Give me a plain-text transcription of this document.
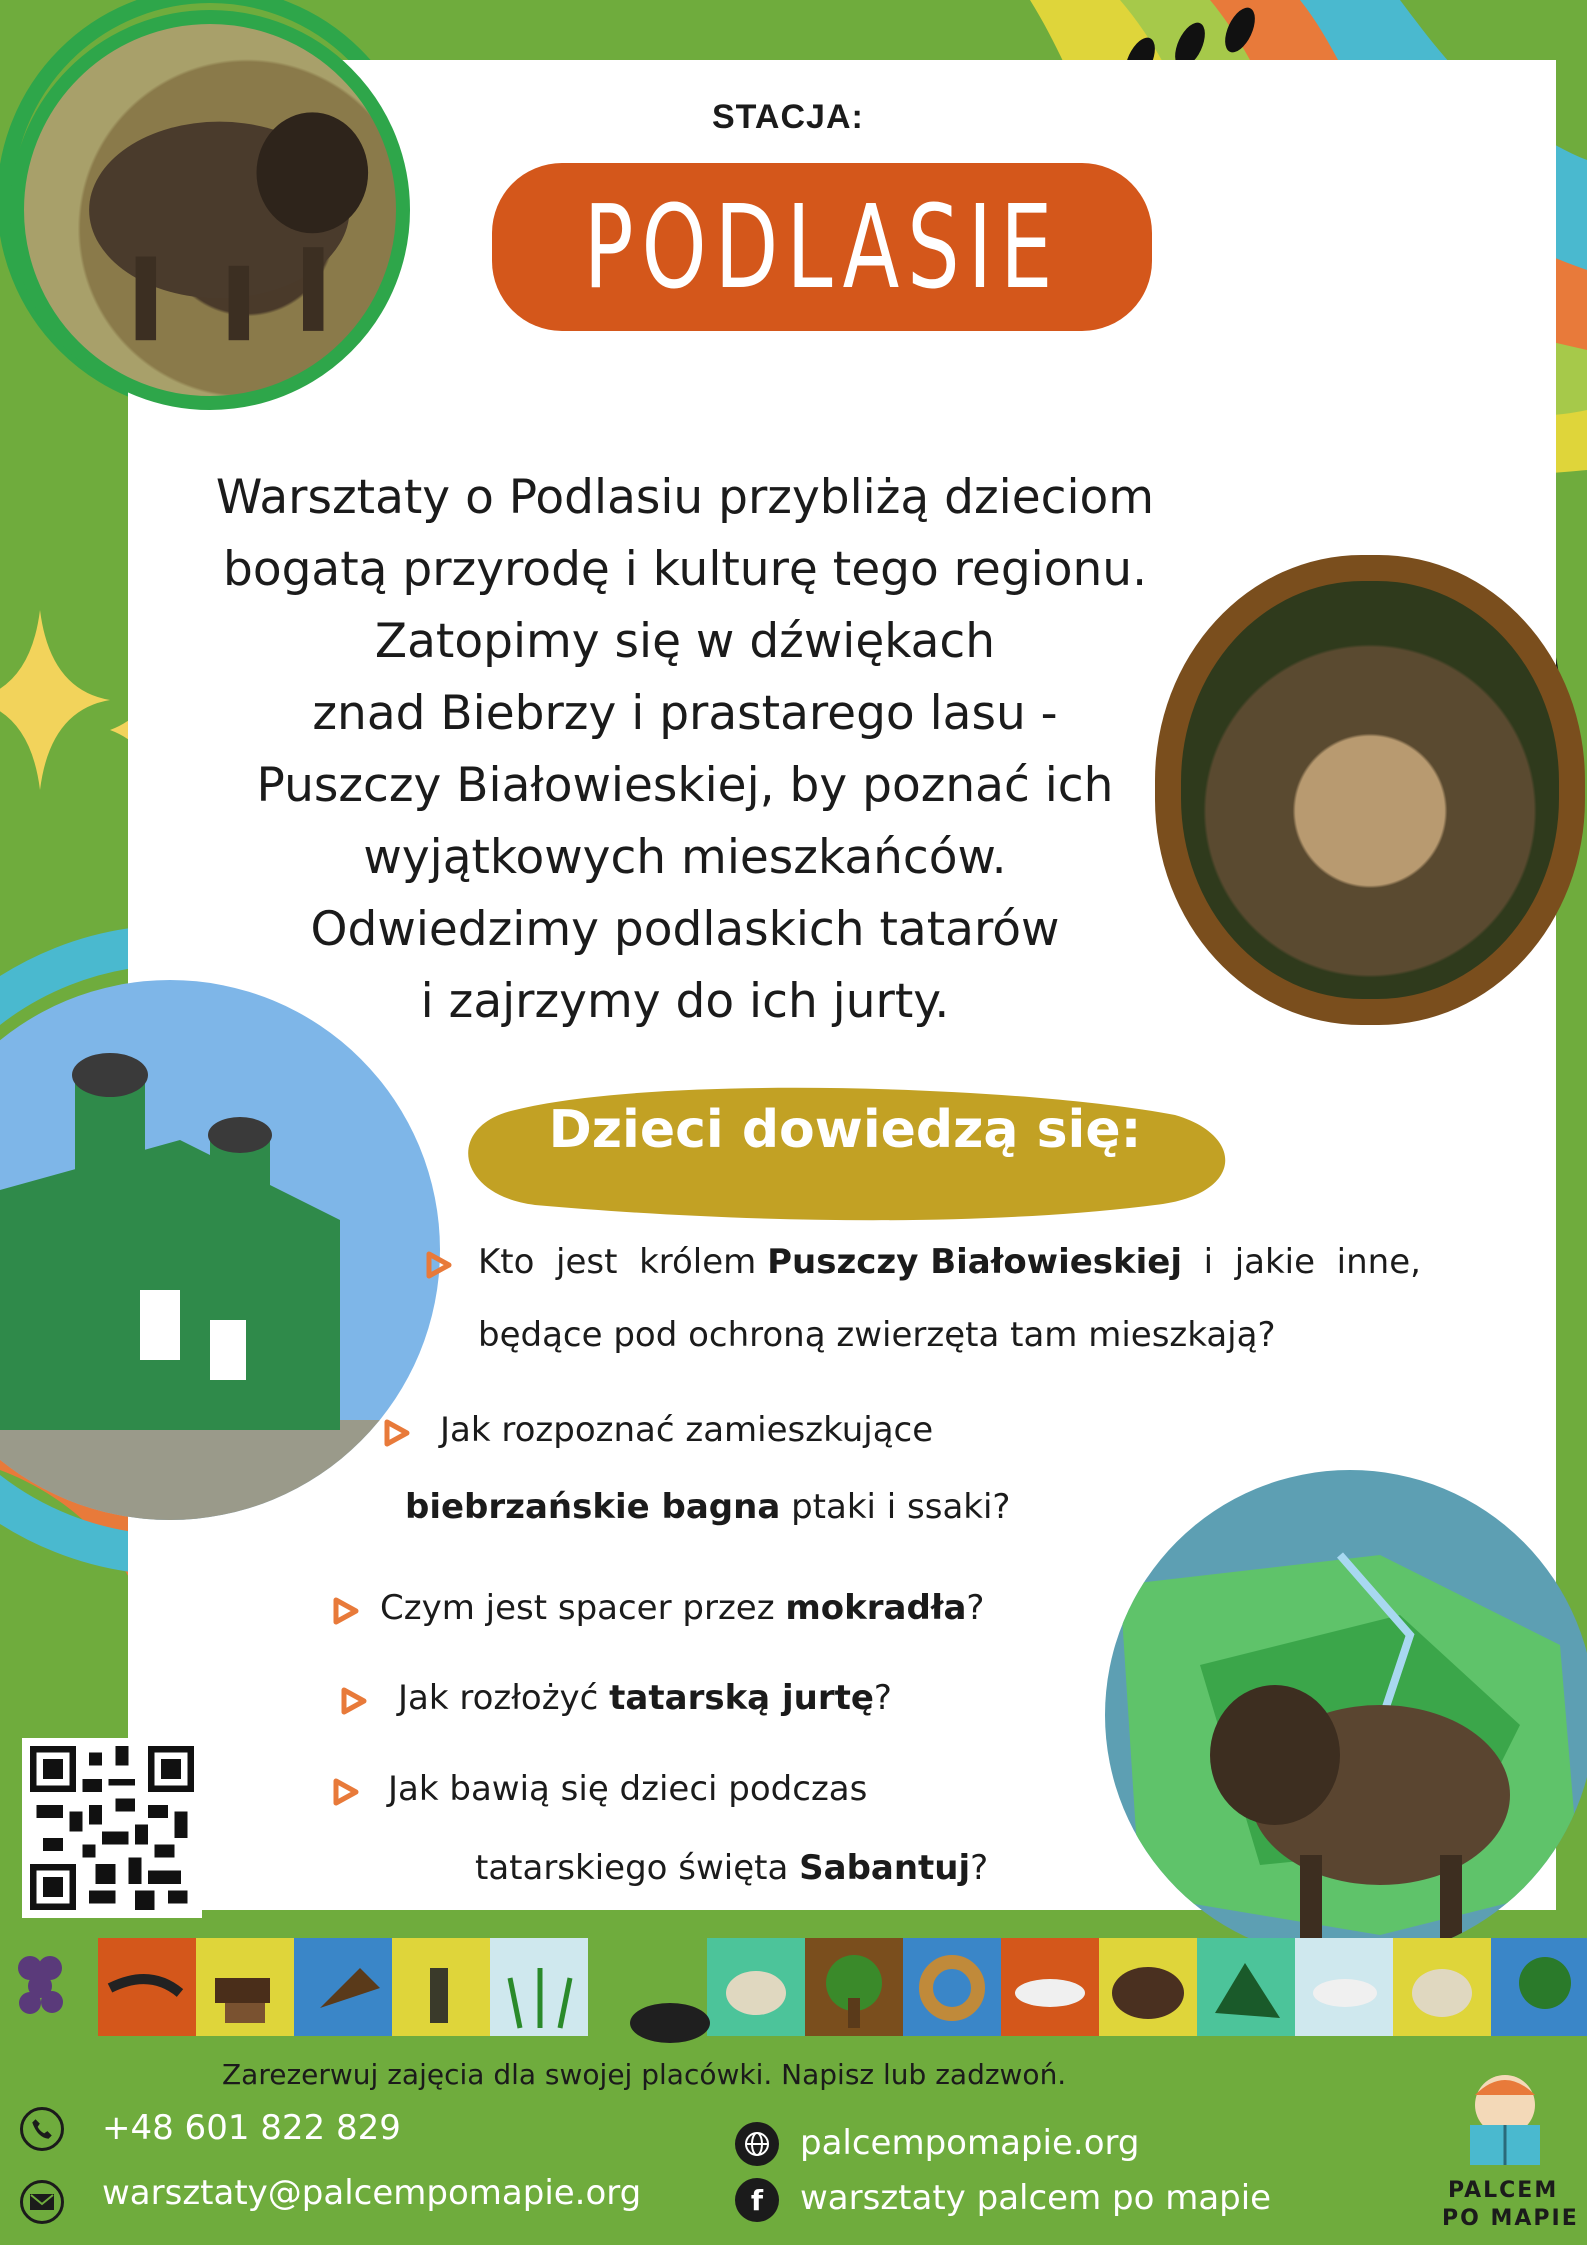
STACJA:
PODLASIE
Warsztaty o Podlasiu przybliżą dzieciom
bogatą przyrodę i kulturę tego regionu.
Zatopimy się w dźwiękach
znad Biebrzy i prastarego lasu -
Puszczy Białowieskiej, by poznać ich
wyjątkowych mieszkańców.
Odwiedzimy podlaskich tatarów
i zajrzymy do ich jurty.
Dzieci dowiedzą się:
Kto  jest  królem Puszczy Białowieskiej  i  jakie  inne,
będące pod ochroną zwierzęta tam mieszkają?
Jak rozpoznać zamieszkujące
biebrzańskie bagna ptaki i ssaki?
Czym jest spacer przez mokradła?
Jak rozłożyć tatarską jurtę?
Jak bawią się dzieci podczas
tatarskiego święta Sabantuj?
Zarezerwuj zajęcia dla swojej placówki. Napisz lub zadzwoń.
+48 601 822 829
warsztaty@palcempomapie.org
palcempomapie.org
f warsztaty palcem po mapie	PALCEM
PO MAPIE
